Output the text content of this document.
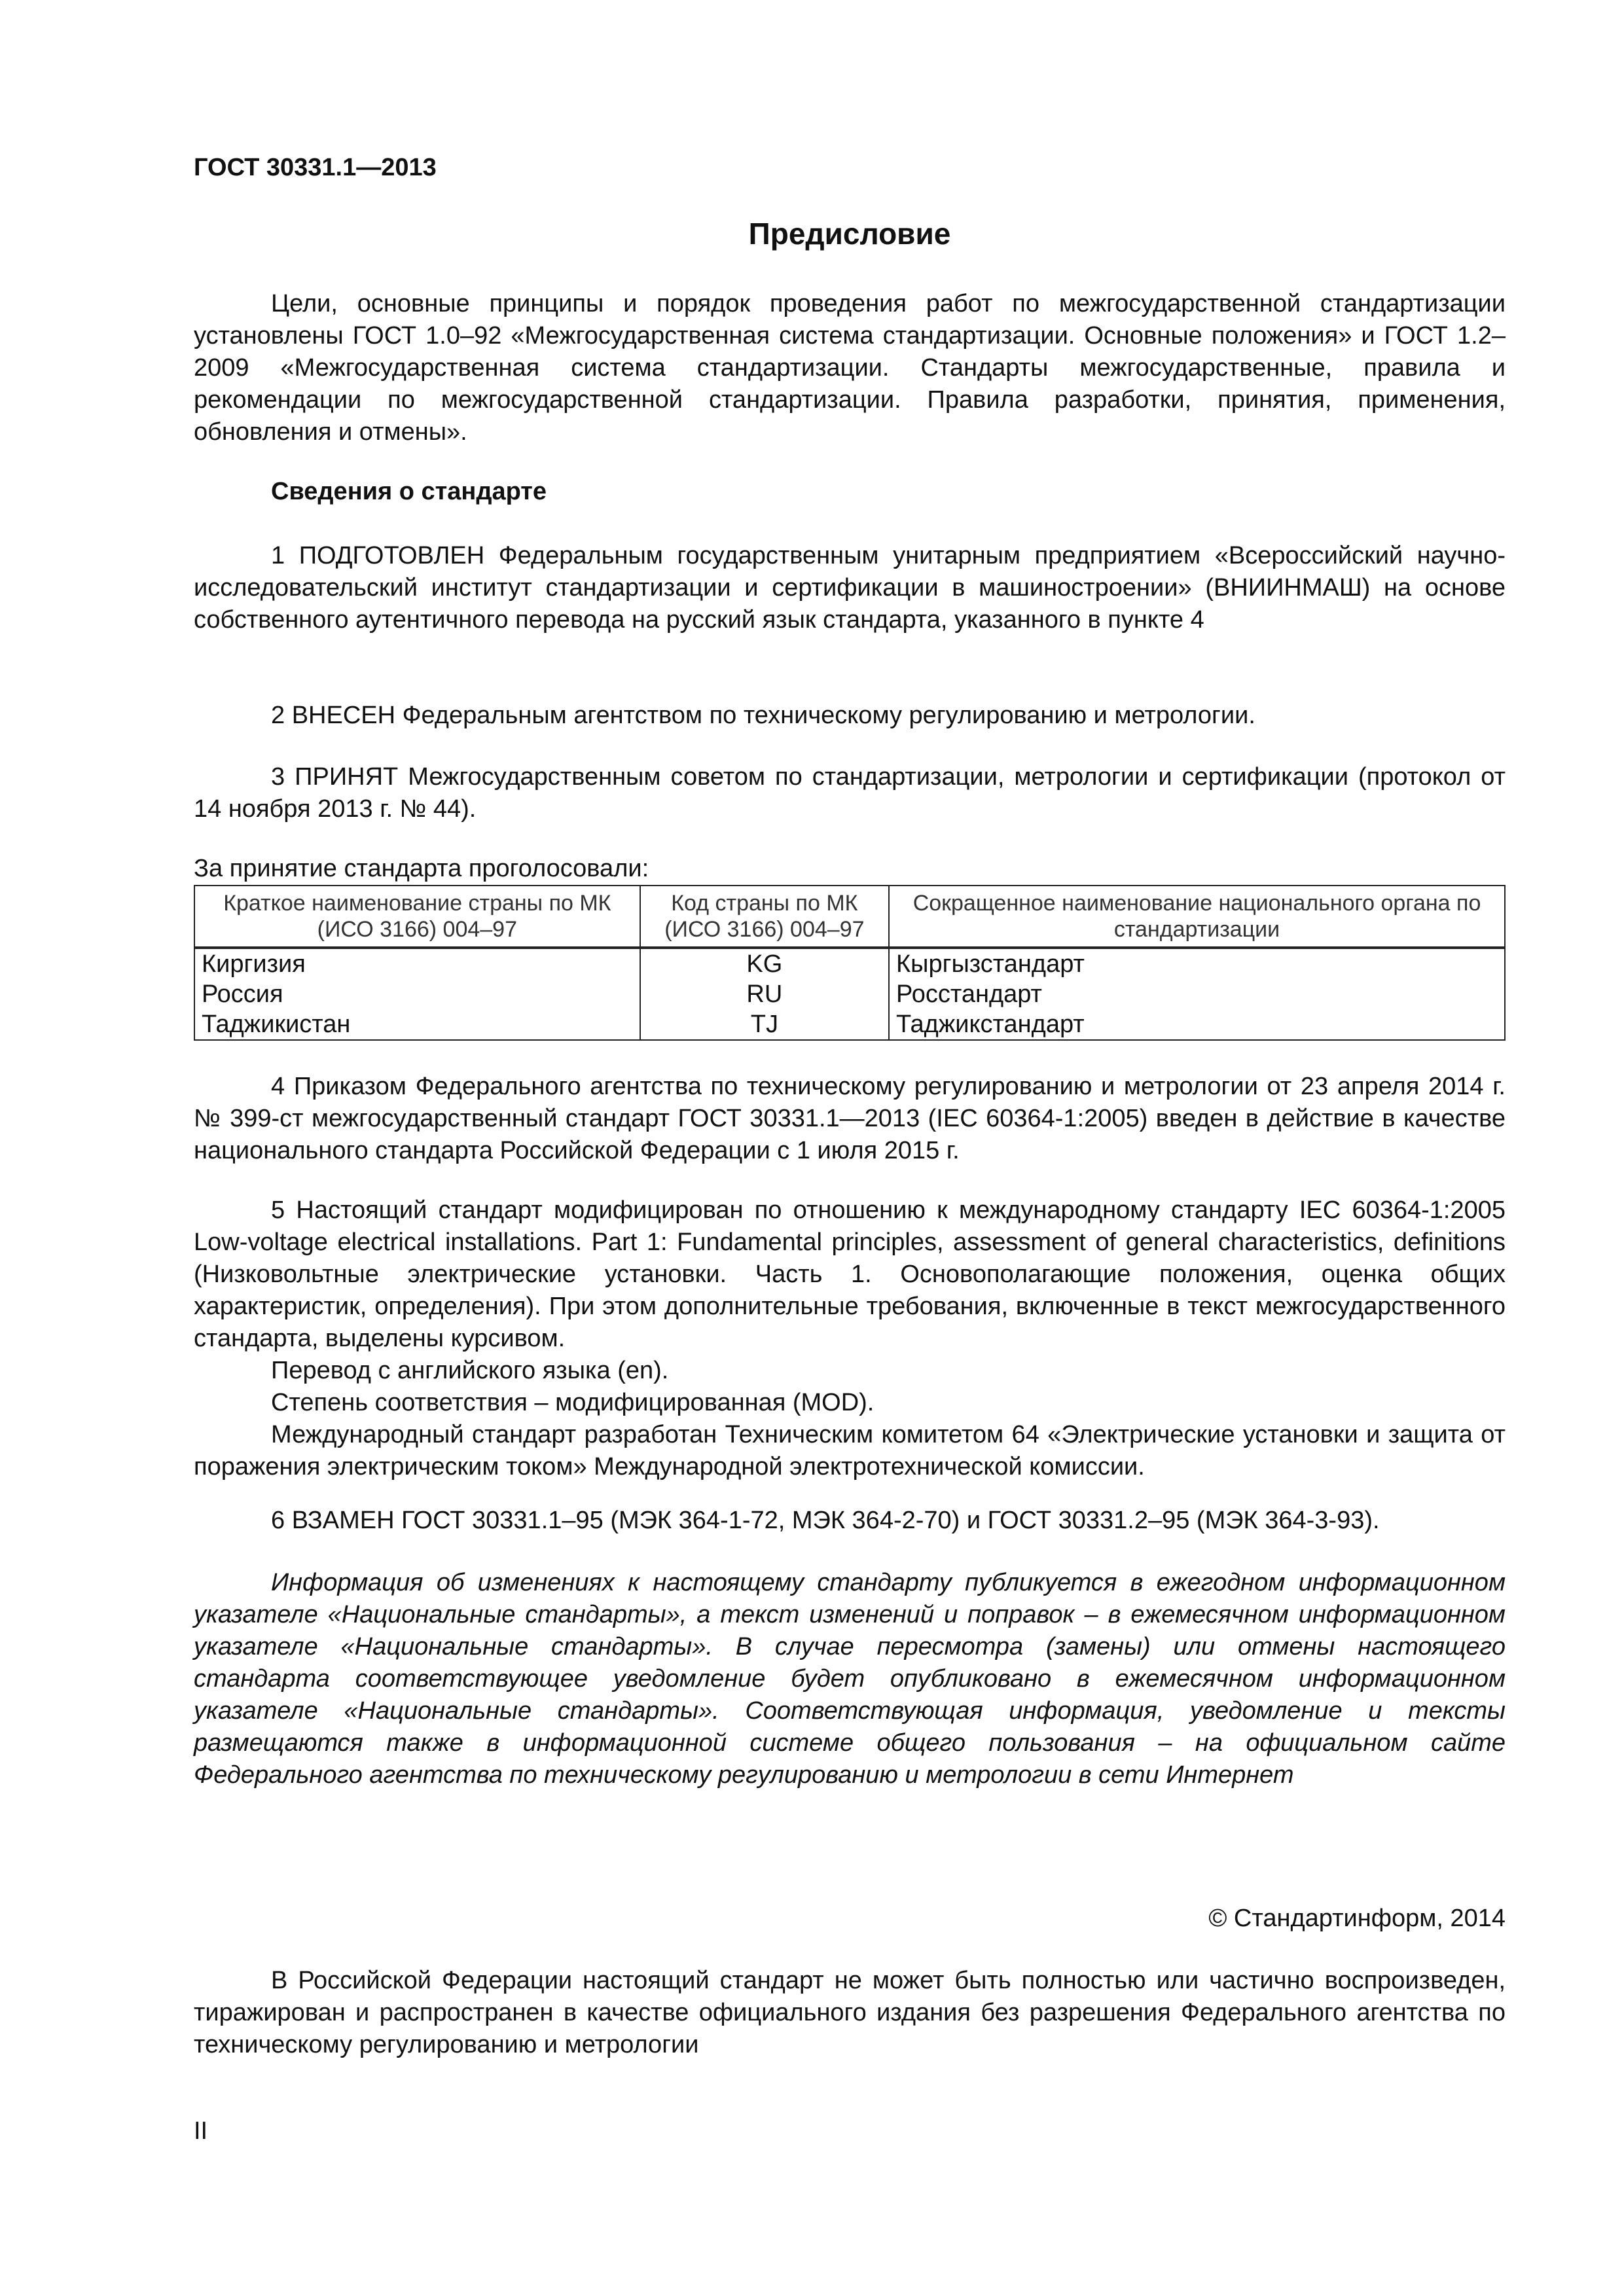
ГОСТ 30331.1—2013

Предисловие

Цели, основные принципы и порядок проведения работ по межгосударственной стандартизации установлены ГОСТ 1.0–92 «Межгосударственная система стандартизации. Основные положения» и ГОСТ 1.2–2009 «Межгосударственная система стандартизации. Стандарты межгосударственные, правила и рекомендации по межгосударственной стандартизации. Правила разработки, принятия, применения, обновления и отмены».

Сведения о стандарте

1 ПОДГОТОВЛЕН Федеральным государственным унитарным предприятием «Всероссийский научно-исследовательский институт стандартизации и сертификации в машиностроении» (ВНИИНМАШ) на основе собственного аутентичного перевода на русский язык стандарта, указанного в пункте 4

2 ВНЕСЕН Федеральным агентством по техническому регулированию и метрологии.

3 ПРИНЯТ Межгосударственным советом по стандартизации, метрологии и сертификации (протокол от 14 ноября 2013 г. № 44).

За принятие стандарта проголосовали:

Краткое наименование страны по МК (ИСО 3166) 004–97	Код страны по МК (ИСО 3166) 004–97	Сокращенное наименование национального органа по стандартизации
Киргизия	KG	Кыргызстандарт
Россия	RU	Росстандарт
Таджикистан	TJ	Таджикстандарт

4 Приказом Федерального агентства по техническому регулированию и метрологии от 23 апреля 2014 г. № 399-ст межгосударственный стандарт ГОСТ 30331.1—2013 (IEC 60364-1:2005) введен в действие в качестве национального стандарта Российской Федерации с 1 июля 2015 г.

5 Настоящий стандарт модифицирован по отношению к международному стандарту IEC 60364-1:2005 Low-voltage electrical installations. Part 1: Fundamental principles, assessment of general characteristics, definitions (Низковольтные электрические установки. Часть 1. Основополагающие положения, оценка общих характеристик, определения). При этом дополнительные требования, включенные в текст межгосударственного стандарта, выделены курсивом.

Перевод с английского языка (en).

Степень соответствия – модифицированная (MOD).

Международный стандарт разработан Техническим комитетом 64 «Электрические установки и защита от поражения электрическим током» Международной электротехнической комиссии.

6 ВЗАМЕН ГОСТ 30331.1–95 (МЭК 364-1-72, МЭК 364-2-70) и ГОСТ 30331.2–95 (МЭК 364-3-93).

Информация об изменениях к настоящему стандарту публикуется в ежегодном информационном указателе «Национальные стандарты», а текст изменений и поправок – в ежемесячном информационном указателе «Национальные стандарты». В случае пересмотра (замены) или отмены настоящего стандарта соответствующее уведомление будет опубликовано в ежемесячном информационном указателе «Национальные стандарты». Соответствующая информация, уведомление и тексты размещаются также в информационной системе общего пользования – на официальном сайте Федерального агентства по техническому регулированию и метрологии в сети Интернет

© Стандартинформ, 2014

В Российской Федерации настоящий стандарт не может быть полностью или частично воспроизведен, тиражирован и распространен в качестве официального издания без разрешения Федерального агентства по техническому регулированию и метрологии

II
